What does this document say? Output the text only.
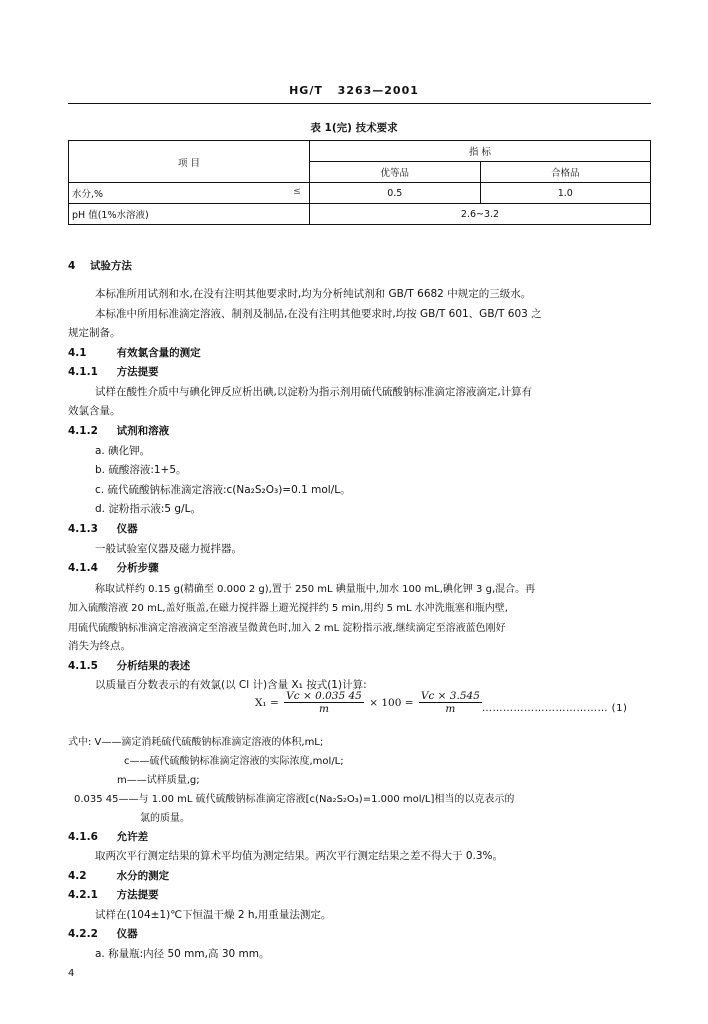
HG/T 3263—2001
表 1(完) 技术要求
项 目	指 标	
	优等品	合格品
水分,% ≤	0.5	1.0
pH 值(1%水溶液)	2.6~3.2	
4 试验方法
本标准所用试剂和水,在没有注明其他要求时,均为分析纯试剂和 GB/T 6682 中规定的三级水。
本标准中所用标准滴定溶液、制剂及制品,在没有注明其他要求时,均按 GB/T 601、GB/T 603 之
规定制备。
4.1	有效氯含量的测定
4.1.1 方法提要
试样在酸性介质中与碘化钾反应析出碘,以淀粉为指示剂用硫代硫酸钠标准滴定溶液滴定,计算有
效氯含量。
4.1.2 试剂和溶液
a. 碘化钾。
b. 硫酸溶液:1+5。
c. 硫代硫酸钠标准滴定溶液:c(Na₂S₂O₃)=0.1 mol/L。
d. 淀粉指示液:5 g/L。
4.1.3 仪器
一般试验室仪器及磁力搅拌器。
4.1.4 分析步骤
称取试样约 0.15 g(精确至 0.000 2 g),置于 250 mL 碘量瓶中,加水 100 mL,碘化钾 3 g,混合。再
加入硫酸溶液 20 mL,盖好瓶盖,在磁力搅拌器上避光搅拌约 5 min,用约 5 mL 水冲洗瓶塞和瓶内壁,
用硫代硫酸钠标准滴定溶液滴定至溶液呈微黄色时,加入 2 mL 淀粉指示液,继续滴定至溶液蓝色刚好
消失为终点。
4.1.5 分析结果的表述
以质量百分数表示的有效氯(以 Cl 计)含量 X₁ 按式(1)计算:
$X_1 = \frac{Vc \times 0.035 45}{m} \times 100 = \frac{Vc \times 3.545}{m}$ ……………………………… (1)
式中: V——滴定消耗硫代硫酸钠标准滴定溶液的体积,mL;
c——硫代硫酸钠标准滴定溶液的实际浓度,mol/L;
m——试样质量,g;
0.035 45——与 1.00 mL 硫代硫酸钠标准滴定溶液[c(Na₂S₂O₃)=1.000 mol/L]相当的以克表示的
氯的质量。
4.1.6 允许差
取两次平行测定结果的算术平均值为测定结果。两次平行测定结果之差不得大于 0.3%。
4.2	水分的测定
4.2.1 方法提要
试样在(104±1)℃下恒温干燥 2 h,用重量法测定。
4.2.2 仪器
a. 称量瓶:内径 50 mm,高 30 mm。
4
